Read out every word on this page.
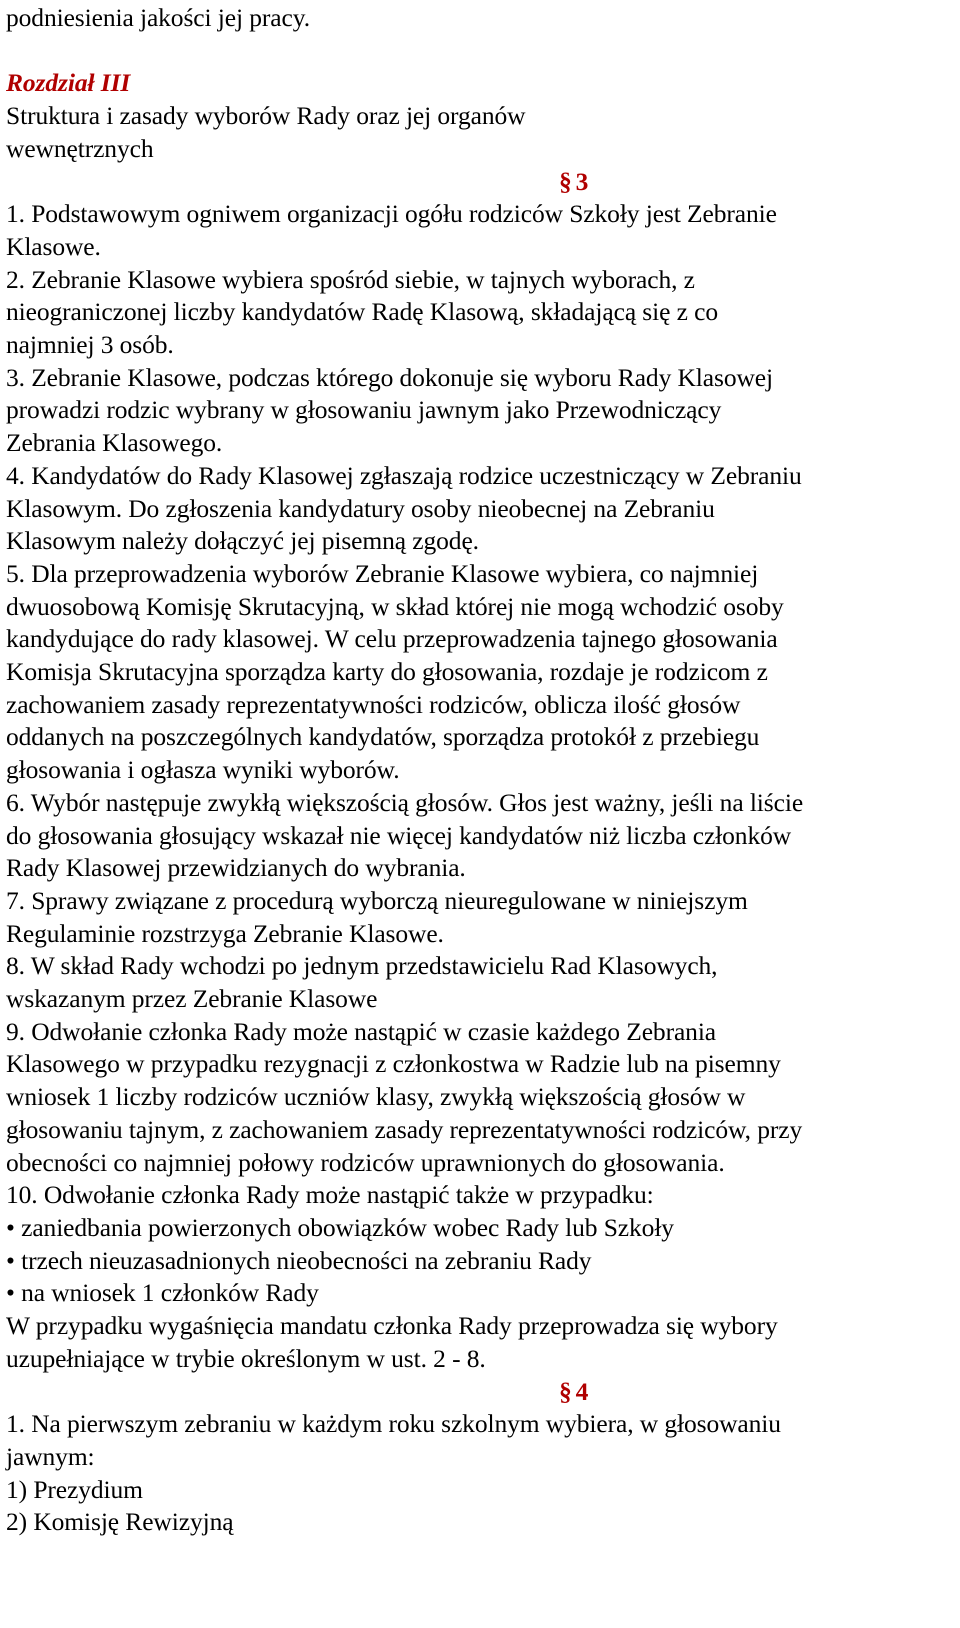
podniesienia jakości jej pracy.
Rozdział III
Struktura i zasady wyborów Rady oraz jej organów
wewnętrznych
§ 3
1. Podstawowym ogniwem organizacji ogółu rodziców Szkoły jest Zebranie
Klasowe.
2. Zebranie Klasowe wybiera spośród siebie, w tajnych wyborach, z
nieograniczonej liczby kandydatów Radę Klasową, składającą się z co
najmniej 3 osób.
3. Zebranie Klasowe, podczas którego dokonuje się wyboru Rady Klasowej
prowadzi rodzic wybrany w głosowaniu jawnym jako Przewodniczący
Zebrania Klasowego.
4. Kandydatów do Rady Klasowej zgłaszają rodzice uczestniczący w Zebraniu
Klasowym. Do zgłoszenia kandydatury osoby nieobecnej na Zebraniu
Klasowym należy dołączyć jej pisemną zgodę.
5. Dla przeprowadzenia wyborów Zebranie Klasowe wybiera, co najmniej
dwuosobową Komisję Skrutacyjną, w skład której nie mogą wchodzić osoby
kandydujące do rady klasowej. W celu przeprowadzenia tajnego głosowania
Komisja Skrutacyjna sporządza karty do głosowania, rozdaje je rodzicom z
zachowaniem zasady reprezentatywności rodziców, oblicza ilość głosów
oddanych na poszczególnych kandydatów, sporządza protokół z przebiegu
głosowania i ogłasza wyniki wyborów.
6. Wybór następuje zwykłą większością głosów. Głos jest ważny, jeśli na liście
do głosowania głosujący wskazał nie więcej kandydatów niż liczba członków
Rady Klasowej przewidzianych do wybrania.
7. Sprawy związane z procedurą wyborczą nieuregulowane w niniejszym
Regulaminie rozstrzyga Zebranie Klasowe.
8. W skład Rady wchodzi po jednym przedstawicielu Rad Klasowych,
wskazanym przez Zebranie Klasowe
9. Odwołanie członka Rady może nastąpić w czasie każdego Zebrania
Klasowego w przypadku rezygnacji z członkostwa w Radzie lub na pisemny
wniosek 1 liczby rodziców uczniów klasy, zwykłą większością głosów w
głosowaniu tajnym, z zachowaniem zasady reprezentatywności rodziców, przy
obecności co najmniej połowy rodziców uprawnionych do głosowania.
10. Odwołanie członka Rady może nastąpić także w przypadku:
• zaniedbania powierzonych obowiązków wobec Rady lub Szkoły
• trzech nieuzasadnionych nieobecności na zebraniu Rady
• na wniosek 1 członków Rady
W przypadku wygaśnięcia mandatu członka Rady przeprowadza się wybory
uzupełniające w trybie określonym w ust. 2 - 8.
§ 4
1. Na pierwszym zebraniu w każdym roku szkolnym wybiera, w głosowaniu
jawnym:
1) Prezydium
2) Komisję Rewizyjną
